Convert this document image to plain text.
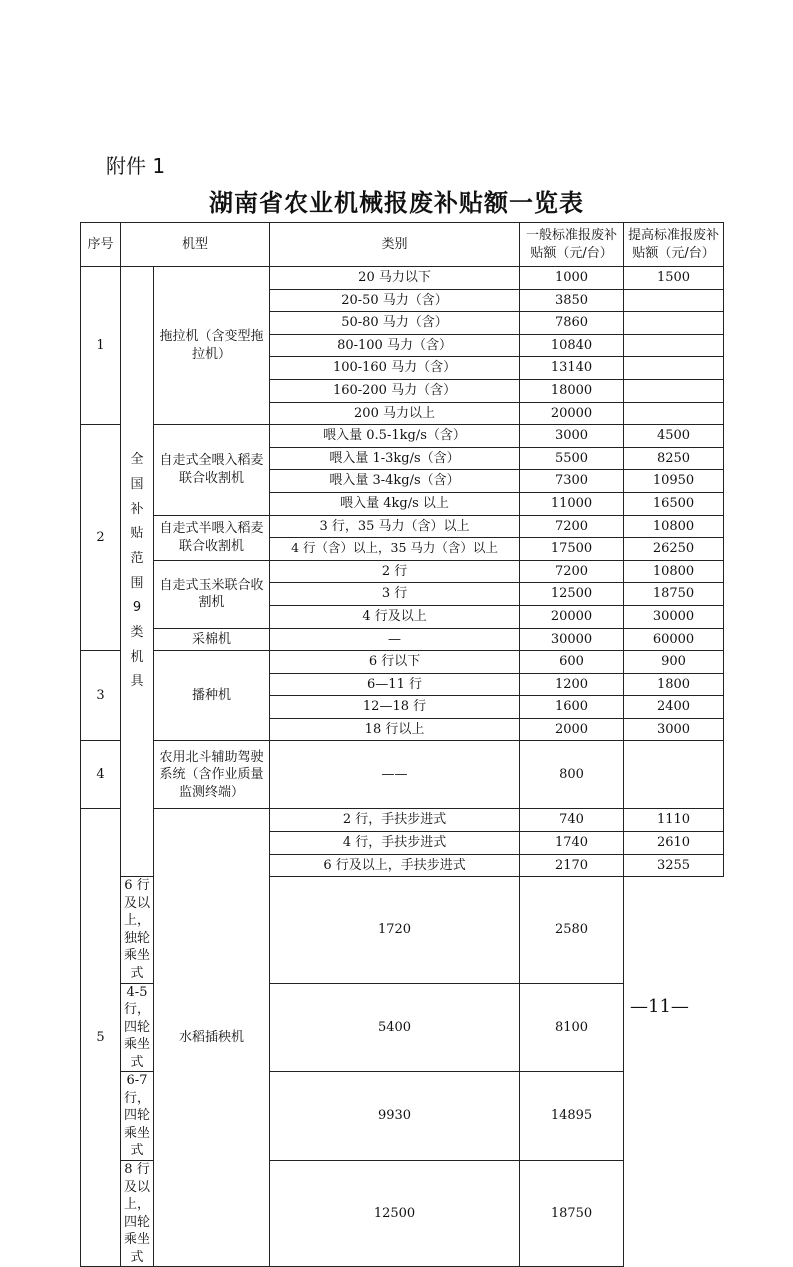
附件 1
湖南省农业机械报废补贴额一览表
序号	机型		类别	一般标准报废补贴额（元/台）	提高标准报废补贴额（元/台）
1	全国补贴范围9类机具	拖拉机（含变型拖拉机）	20 马力以下	1000	1500
			20-50 马力（含）	3850	
			50-80 马力（含）	7860	
			80-100 马力（含）	10840	
			100-160 马力（含）	13140	
			160-200 马力（含）	18000	
			200 马力以上	20000	
2		自走式全喂入稻麦联合收割机	喂入量 0.5-1kg/s（含）	3000	4500
			喂入量 1-3kg/s（含）	5500	8250
			喂入量 3-4kg/s（含）	7300	10950
			喂入量 4kg/s 以上	11000	16500
		自走式半喂入稻麦联合收割机	3 行，35 马力（含）以上	7200	10800
			4 行（含）以上，35 马力（含）以上	17500	26250
		自走式玉米联合收割机	2 行	7200	10800
			3 行	12500	18750
			4 行及以上	20000	30000
		采棉机	—	30000	60000
3		播种机	6 行以下	600	900
			6—11 行	1200	1800
			12—18 行	1600	2400
			18 行以上	2000	3000
4		农用北斗辅助驾驶系统（含作业质量监测终端）	——	800	
5		水稻插秧机	2 行，手扶步进式	740	1110
			4 行，手扶步进式	1740	2610
			6 行及以上，手扶步进式	2170	3255
	6 行及以上，独轮乘坐式		1720	2580	
	4-5 行，四轮乘坐式		5400	8100	
	6-7 行，四轮乘坐式		9930	14895	
	8 行及以上，四轮乘坐式		12500	18750	
—11—
